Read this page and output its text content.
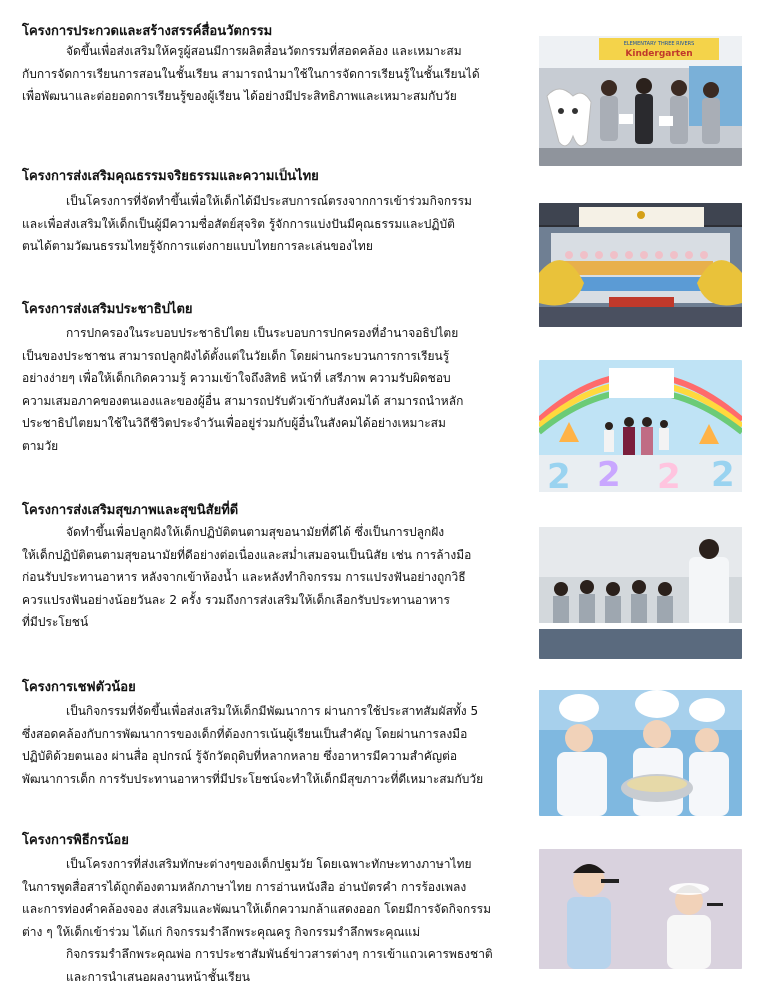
โครงการประกวดและสร้างสรรค์สื่อนวัตกรรม
จัดขึ้นเพื่อส่งเสริมให้ครูผู้สอนมีการผลิตสื่อนวัตกรรมที่สอดคล้อง และเหมาะสม
กับการจัดการเรียนการสอนในชั้นเรียน สามารถนำมาใช้ในการจัดการเรียนรู้ในชั้นเรียนได้
เพื่อพัฒนาและต่อยอดการเรียนรู้ของผู้เรียน ได้อย่างมีประสิทธิภาพและเหมาะสมกับวัย
ELEMENTARY THREE RIVERS
Kindergarten
โครงการส่งเสริมคุณธรรมจริยธรรมและความเป็นไทย
เป็นโครงการที่จัดทำขึ้นเพื่อให้เด็กได้มีประสบการณ์ตรงจากการเข้าร่วมกิจกรรม
และเพื่อส่งเสริมให้เด็กเป็นผู้มีความซื่อสัตย์สุจริต รู้จักการแบ่งปันมีคุณธรรมและปฏิบัติ
ตนได้ตามวัฒนธรรมไทยรู้จักการแต่งกายแบบไทยการละเล่นของไทย
โครงการส่งเสริมประชาธิปไตย
การปกครองในระบอบประชาธิปไตย เป็นระบอบการปกครองที่อำนาจอธิปไตย
เป็นของประชาชน สามารถปลูกฝังได้ตั้งแต่ในวัยเด็ก โดยผ่านกระบวนการการเรียนรู้
อย่างง่ายๆ เพื่อให้เด็กเกิดความรู้ ความเข้าใจถึงสิทธิ หน้าที่ เสรีภาพ ความรับผิดชอบ
ความเสมอภาคของตนเองและของผู้อื่น สามารถปรับตัวเข้ากับสังคมได้ สามารถนำหลัก
ประชาธิปไตยมาใช้ในวิถีชีวิตประจำวันเพื่ออยู่ร่วมกับผู้อื่นในสังคมได้อย่างเหมาะสม
ตามวัย
2 2 2 2
โครงการส่งเสริมสุขภาพและสุขนิสัยที่ดี
จัดทำขึ้นเพื่อปลูกฝังให้เด็กปฏิบัติตนตามสุขอนามัยที่ดีได้ ซึ่งเป็นการปลูกฝัง
ให้เด็กปฏิบัติตนตามสุขอนามัยที่ดีอย่างต่อเนื่องและสม่ำเสมอจนเป็นนิสัย เช่น การล้างมือ
ก่อนรับประทานอาหาร หลังจากเข้าห้องน้ำ และหลังทำกิจกรรม การแปรงฟันอย่างถูกวิธี
ควรแปรงฟันอย่างน้อยวันละ 2 ครั้ง รวมถึงการส่งเสริมให้เด็กเลือกรับประทานอาหาร
ที่มีประโยชน์
โครงการเชฟตัวน้อย
เป็นกิจกรรมที่จัดขึ้นเพื่อส่งเสริมให้เด็กมีพัฒนาการ ผ่านการใช้ประสาทสัมผัสทั้ง 5
ซึ่งสอดคล้องกับการพัฒนาการของเด็กที่ต้องการเน้นผู้เรียนเป็นสำคัญ โดยผ่านการลงมือ
ปฏิบัติด้วยตนเอง ผ่านสื่อ อุปกรณ์ รู้จักวัตถุดิบที่หลากหลาย ซึ่งอาหารมีความสำคัญต่อ
พัฒนาการเด็ก การรับประทานอาหารที่มีประโยชน์จะทำให้เด็กมีสุขภาวะที่ดีเหมาะสมกับวัย
โครงการพิธีกรน้อย
เป็นโครงการที่ส่งเสริมทักษะต่างๆของเด็กปฐมวัย โดยเฉพาะทักษะทางภาษาไทย
ในการพูดสื่อสารได้ถูกต้องตามหลักภาษาไทย การอ่านหนังสือ อ่านบัตรคำ การร้องเพลง
และการท่องคำคล้องจอง ส่งเสริมและพัฒนาให้เด็กความกล้าแสดงออก โดยมีการจัดกิจกรรม
ต่าง ๆ ให้เด็กเข้าร่วม ได้แก่ กิจกรรมรำลึกพระคุณครู กิจกรรมรำลึกพระคุณแม่
กิจกรรมรำลึกพระคุณพ่อ การประชาสัมพันธ์ข่าวสารต่างๆ การเข้าแถวเคารพธงชาติ
และการนำเสนอผลงานหน้าชั้นเรียน
